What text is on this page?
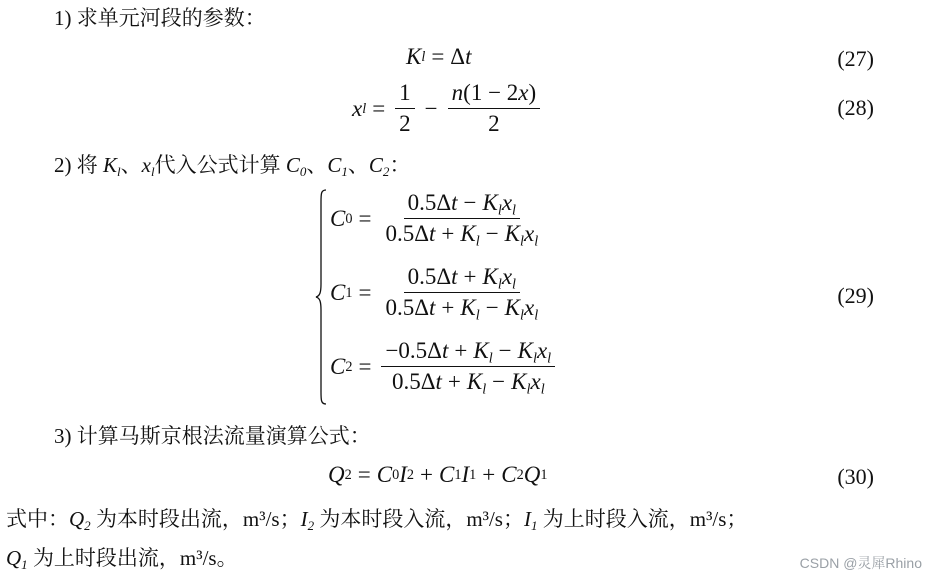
1) 求单元河段的参数：
K l = Δ t	(27)
x $l = \frac{1}{2} - \frac{n(1 - 2x)}{2}$	(28)
2) 将 $K_l$、$x_l$代入公式计算 $C_0$、$C_1$、$C_2$：
C $0 = \frac{0.5\Delta t - K_lx_l}{0.5\Delta t + K_l - K_lx_l}$
C $1 = \frac{0.5\Delta t + K_lx_l}{0.5\Delta t + K_l - K_lx_l}$	(29)
C $2 = \frac{-0.5\Delta t + K_l - K_lx_l}{0.5\Delta t + K_l - K_lx_l}$
3) 计算马斯京根法流量演算公式：
Q 2 = C 0 I 2 + C 1 I 1 + C 2 Q 1	(30)
式中：$Q_2$ 为本时段出流，m³/s；$I_2$ 为本时段入流，m³/s；$I_1$ 为上时段入流，m³/s；
$Q_1$ 为上时段出流，m³/s。	CSDN @灵犀Rhino
